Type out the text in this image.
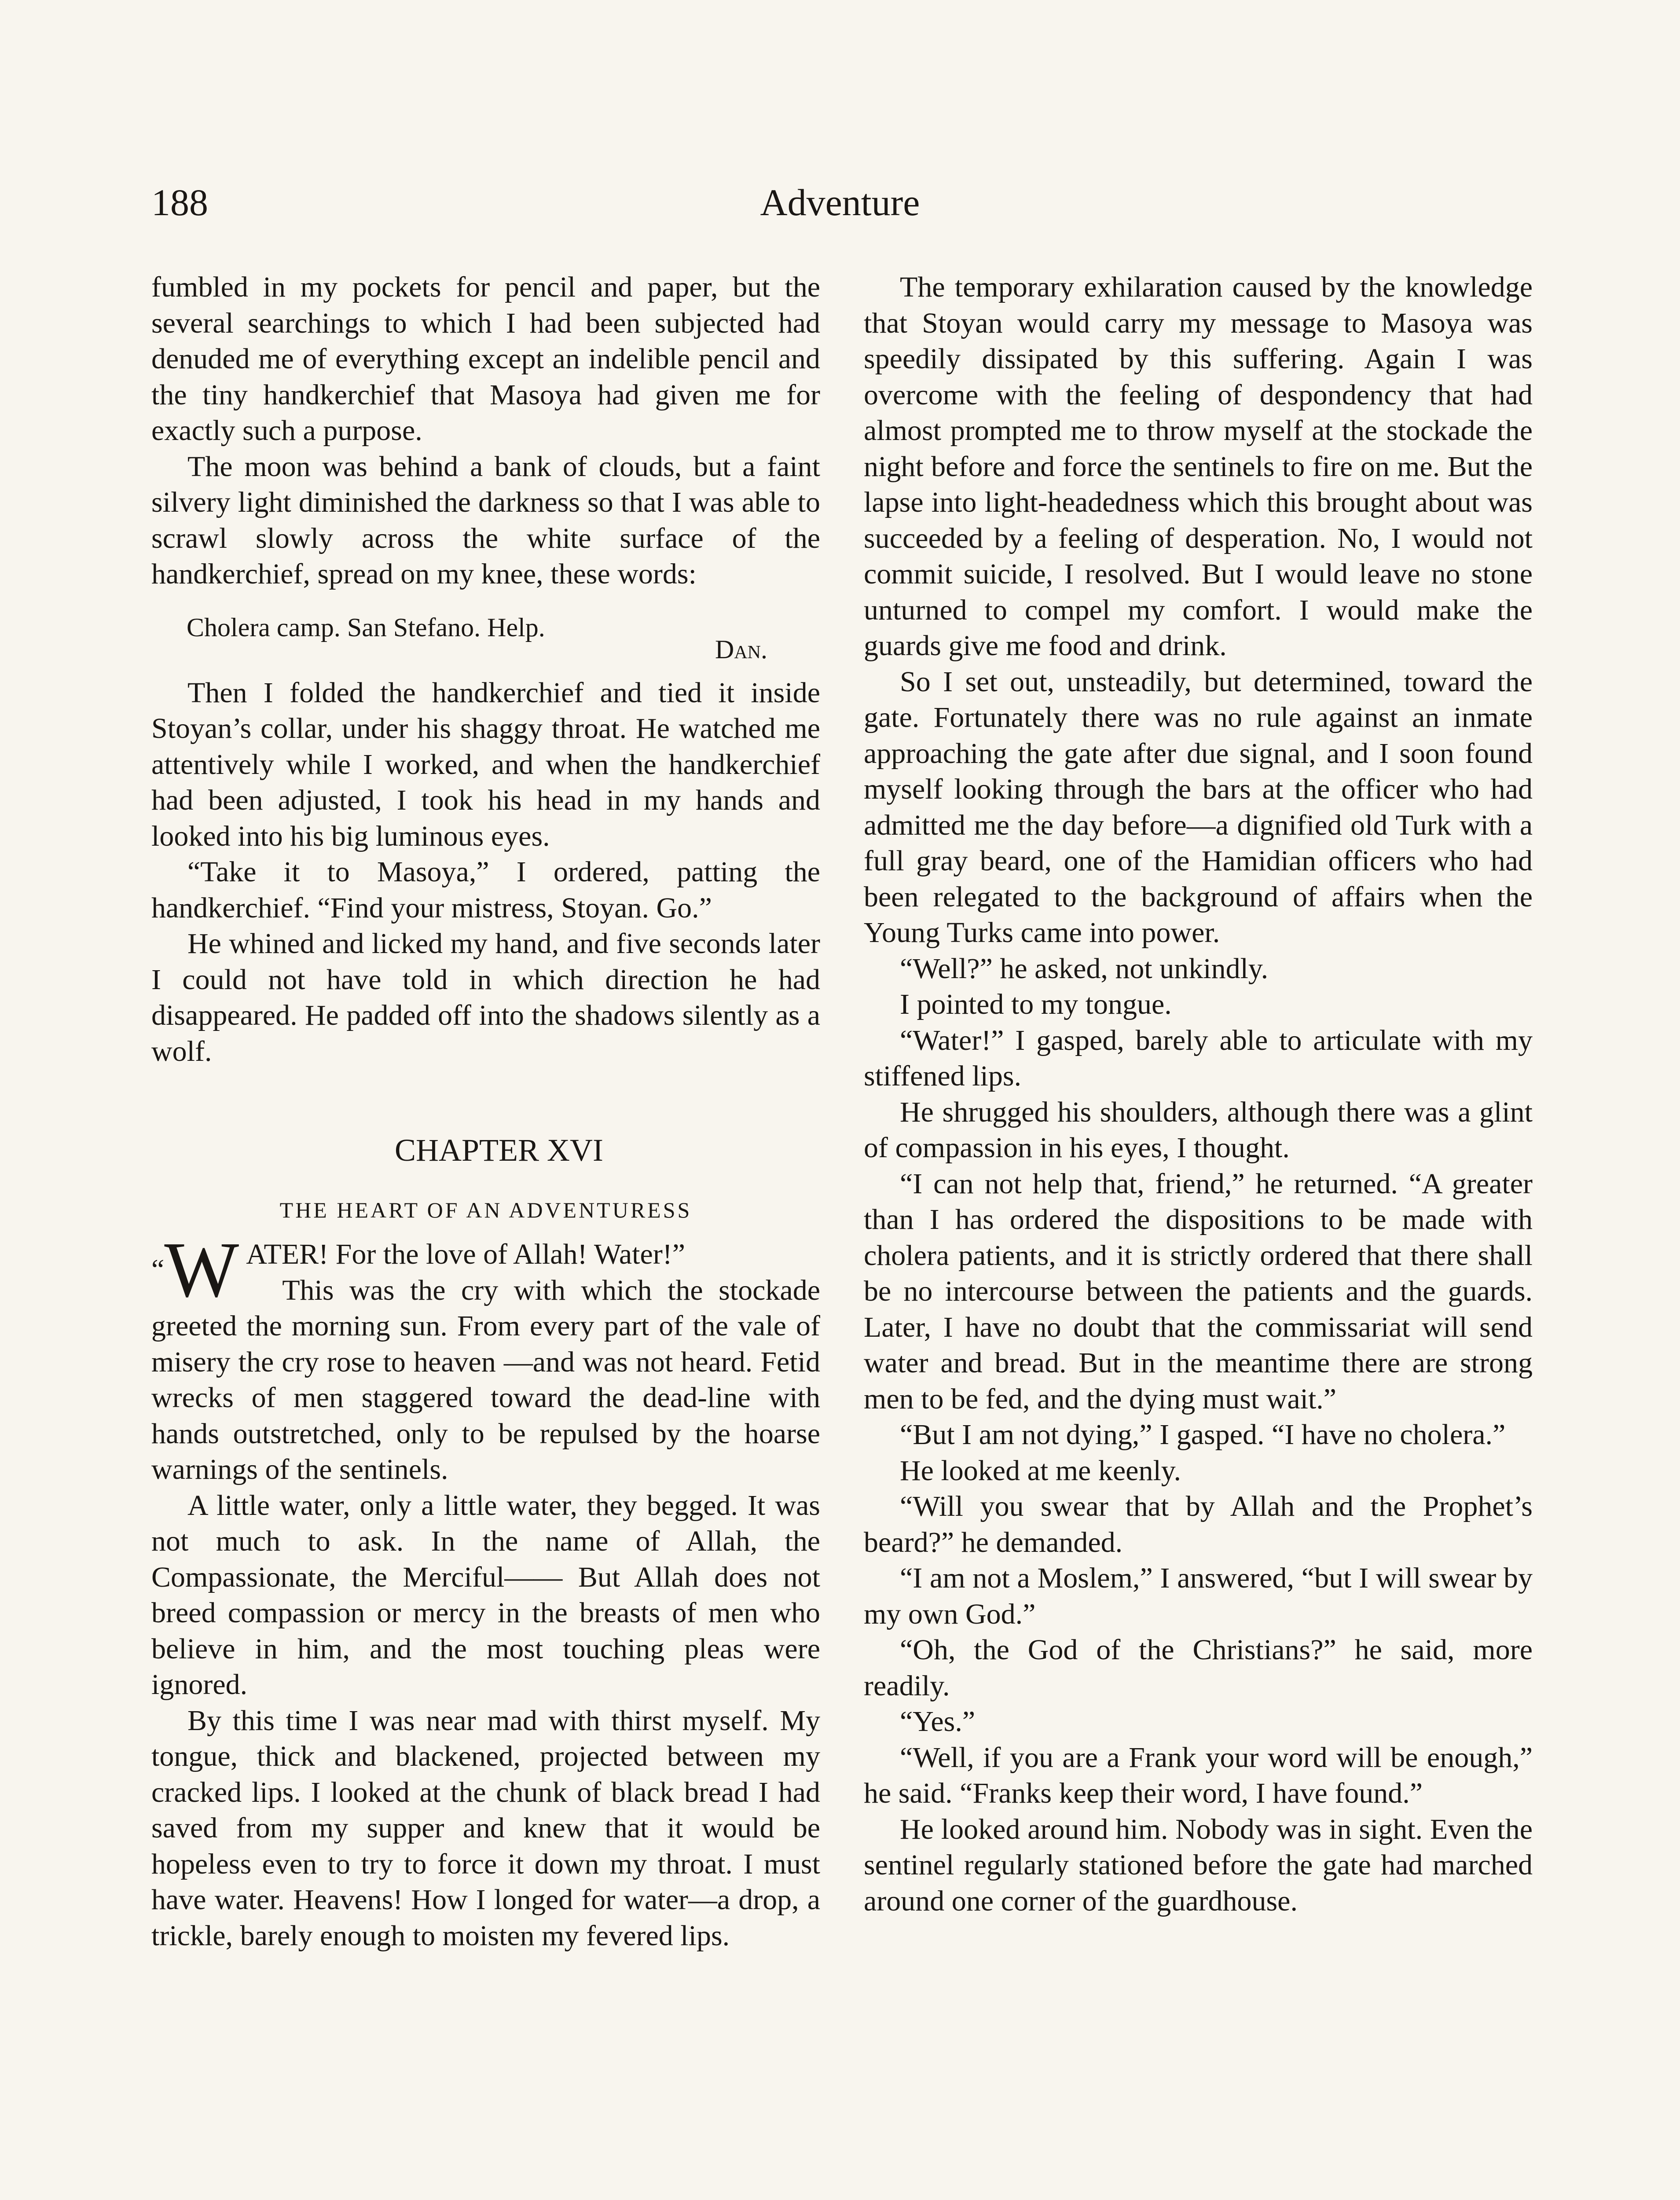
188	Adventure

fumbled in my pockets for pencil and paper, but the several searchings to which I had been subjected had denuded me of everything except an indelible pencil and the tiny handkerchief that Masoya had given me for exactly such a purpose.

The moon was behind a bank of clouds, but a faint silvery light diminished the darkness so that I was able to scrawl slowly across the white surface of the handkerchief, spread on my knee, these words:

Cholera camp. San Stefano. Help.
Dan.

Then I folded the handkerchief and tied it inside Stoyan’s collar, under his shaggy throat. He watched me attentively while I worked, and when the handkerchief had been adjusted, I took his head in my hands and looked into his big luminous eyes.

“Take it to Masoya,” I ordered, patting the handkerchief. “Find your mistress, Stoyan. Go.”

He whined and licked my hand, and five seconds later I could not have told in which direction he had disappeared. He padded off into the shadows silently as a wolf.

CHAPTER XVI
THE HEART OF AN ADVENTURESS

“W ATER! For the love of Allah! Water!”

This was the cry with which the stockade greeted the morning sun. From every part of the vale of misery the cry rose to heaven —and was not heard. Fetid wrecks of men staggered toward the dead-line with hands outstretched, only to be repulsed by the hoarse warnings of the sentinels.

A little water, only a little water, they begged. It was not much to ask. In the name of Allah, the Compassionate, the Merciful—— But Allah does not breed compassion or mercy in the breasts of men who believe in him, and the most touching pleas were ignored.

By this time I was near mad with thirst myself. My tongue, thick and blackened, projected between my cracked lips. I looked at the chunk of black bread I had saved from my supper and knew that it would be hopeless even to try to force it down my throat. I must have water. Heavens! How I longed for water—a drop, a trickle, barely enough to moisten my fevered lips.

The temporary exhilaration caused by the knowledge that Stoyan would carry my message to Masoya was speedily dissipated by this suffering. Again I was overcome with the feeling of despondency that had almost prompted me to throw myself at the stockade the night before and force the sentinels to fire on me. But the lapse into light-headedness which this brought about was succeeded by a feeling of desperation. No, I would not commit suicide, I resolved. But I would leave no stone unturned to compel my comfort. I would make the guards give me food and drink.

So I set out, unsteadily, but determined, toward the gate. Fortunately there was no rule against an inmate approaching the gate after due signal, and I soon found myself looking through the bars at the officer who had admitted me the day before—a dignified old Turk with a full gray beard, one of the Hamidian officers who had been relegated to the background of affairs when the Young Turks came into power.

“Well?” he asked, not unkindly.

I pointed to my tongue.

“Water!” I gasped, barely able to articulate with my stiffened lips.

He shrugged his shoulders, although there was a glint of compassion in his eyes, I thought.

“I can not help that, friend,” he returned. “A greater than I has ordered the dispositions to be made with cholera patients, and it is strictly ordered that there shall be no intercourse between the patients and the guards. Later, I have no doubt that the commissariat will send water and bread. But in the meantime there are strong men to be fed, and the dying must wait.”

“But I am not dying,” I gasped. “I have no cholera.”

He looked at me keenly.

“Will you swear that by Allah and the Prophet’s beard?” he demanded.

“I am not a Moslem,” I answered, “but I will swear by my own God.”

“Oh, the God of the Christians?” he said, more readily.

“Yes.”

“Well, if you are a Frank your word will be enough,” he said. “Franks keep their word, I have found.”

He looked around him. Nobody was in sight. Even the sentinel regularly stationed before the gate had marched around one corner of the guardhouse.
